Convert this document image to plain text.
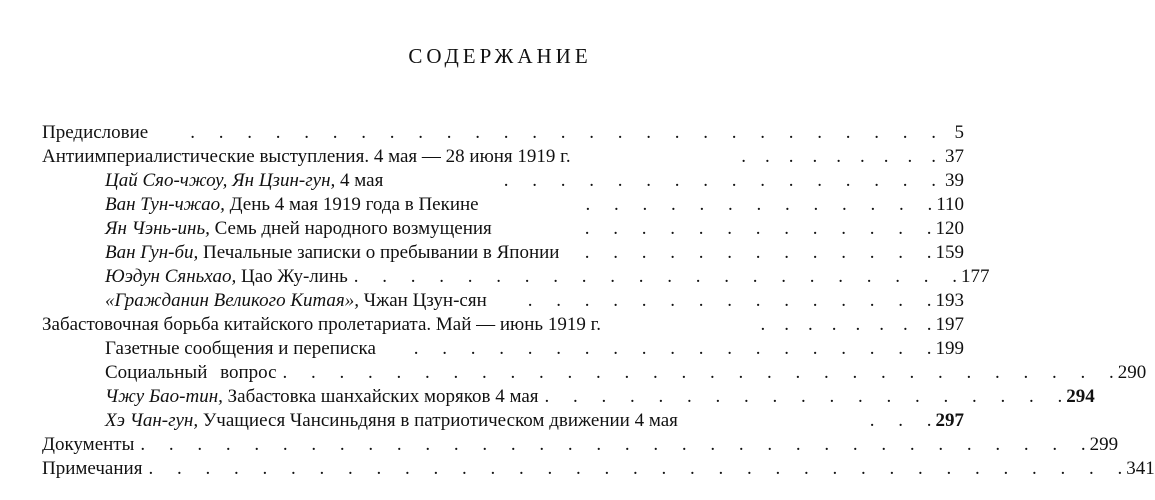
СОДЕРЖАНИЕ
Предисловие	.     .     .     .     .     .     .     .     .     .     .     .     .     .     .     .     .     .     .     .     .     .     .     .     .     .     . 5
Антиимпериалистические выступления. 4 мая — 28 июня 1919 г.	.    .    .    .    .    .    .    .    . 37
Цай Сяо-чжоу, Ян Цзин-гун, 4 мая	.     .     .     .     .     .     .     .     .     .     .     .     .     .     .     . 39
Ван Тун-чжао, День 4 мая 1919 года в Пекине	.     .     .     .     .     .     .     .     .     .     .     .     . 110
Ян Чэнь-инь, Семь дней народного возмущения	.     .     .     .     .     .     .     .     .     .     .     .     . 120
Ван Гун-би, Печальные записки о пребывании в Японии	.     .     .     .     .     .     .     .     .     .     .     .     . 159
Юэдун Сяньхао, Цао Жу-линь .     .     .     .     .     .     .     .     .     .     .     .     .     .     .     .     .     .     .     .     .     . 177
«Гражданин Великого Китая», Чжан Цзун-сян	.     .     .     .     .     .     .     .     .     .     .     .     .     .     . 193
Забастовочная борьба китайского пролетариата. Май — июнь 1919 г.	.    .    .    .    .    .    .    . 197
Газетные сообщения и переписка	.     .     .     .     .     .     .     .     .     .     .     .     .     .     .     .     .     .     . 199
Социальный вопрос .     .     .     .     .     .     .     .     .     .     .     .     .     .     .     .     .     .     .     .     .     .     .     .     .     .     .     .     .     . 290
Чжу Бао-тин, Забастовка шанхайских моряков 4 мая .     .     .     .     .     .     .     .     .     .     .     .     .     .     .     .     .     .     . 294
Хэ Чан-гун, Учащиеся Чансиньдяня в патриотическом движении 4 мая	.     .     . 297
Документы .     .     .     .     .     .     .     .     .     .     .     .     .     .     .     .     .     .     .     .     .     .     .     .     .     .     .     .     .     .     .     .     .     . 299
Примечания .     .     .     .     .     .     .     .     .     .     .     .     .     .     .     .     .     .     .     .     .     .     .     .     .     .     .     .     .     .     .     .     .     .     . 341
